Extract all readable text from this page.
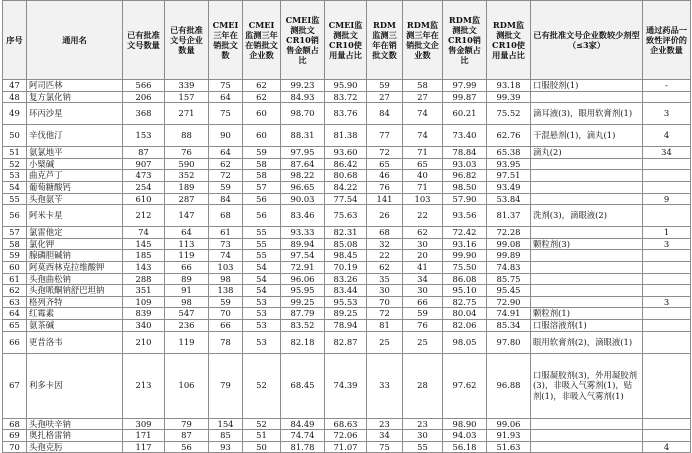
序号	通用名	已有批准文号数量	已有批准文号企业数量	CMEI三年在销批文数	CMEI监测三年在销批文企业数	CMEI监测批文CR10销售金额占比	CMEI监测批文CR10使用量占比	RDM监测三年在销批文数	RDM监测三年在销批文企业数	RDM监测批文CR10销售金额占比	RDM监测批文CR10使用量占比	已有批准文号企业数较少剂型（≤3家）	通过药品一致性评价的企业数量
47	阿司匹林	566	339	75	62	99.23	95.90	59	58	97.99	93.18	口服胶剂(1)	-
48	复方氯化钠	206	157	64	62	84.93	83.72	27	27	99.87	99.39		
49	环丙沙星	368	271	75	60	98.70	83.76	84	74	60.21	75.52	滴耳液(3)，眼用软膏剂(1)	3
50	辛伐他汀	153	88	90	60	88.31	81.38	77	74	73.40	62.76	干混悬剂(1)，滴丸(1)	4
51	氨氯地平	87	76	64	59	97.95	93.60	72	71	78.84	65.38	滴丸(2)	34
52	小檗碱	907	590	62	58	87.64	86.42	65	65	93.03	93.95		
53	曲克芦丁	473	352	72	58	98.22	80.68	46	40	96.82	97.51		
54	葡萄糖酸钙	254	189	59	57	96.65	84.22	76	71	98.50	93.49		
55	头孢氨苄	610	287	84	56	90.03	77.54	141	103	57.90	53.84		9
56	阿米卡星	212	147	68	56	83.46	75.63	26	22	93.56	81.37	洗剂(3)，滴眼液(2)	
57	氯雷他定	74	64	61	55	93.33	82.31	68	62	72.42	72.28		1
58	氯化钾	145	113	73	55	89.94	85.08	32	30	93.16	99.08	颗粒剂(3)	3
59	腺磷胆碱钠	185	119	74	55	97.54	98.45	22	20	99.90	99.89		
60	阿莫西林克拉维酸钾	143	66	103	54	72.91	70.19	62	41	75.50	74.83		
61	头孢曲松钠	288	89	98	54	96.06	83.26	35	34	86.08	85.75		
62	头孢哌酮钠舒巴坦钠	351	91	138	54	95.95	83.44	30	30	95.10	95.45		
63	格列齐特	109	98	59	53	99.25	95.53	70	66	82.75	72.90		3
64	红霉素	839	547	70	53	87.79	89.25	72	59	80.04	74.91	颗粒剂(1)	
65	氨茶碱	340	236	66	53	83.52	78.94	81	76	82.06	85.34	口服溶液剂(1)	
66	更昔洛韦	210	119	78	53	82.18	82.87	25	25	98.05	97.80	眼用软膏剂(2)，滴眼液(1)	
67	利多卡因	213	106	79	52	68.45	74.39	33	28	97.62	96.88	口服凝胶剂(3)，外用凝胶剂(3)，非吸入气雾剂(1)，贴剂(1)，非吸入气雾剂(1)	
68	头孢呋辛钠	309	79	154	52	84.49	68.63	23	23	98.90	99.06		
69	奥扎格雷钠	171	87	85	51	74.74	72.06	34	30	94.03	91.93		
70	头孢克肟	117	56	93	50	81.78	71.07	75	55	56.18	51.63		4
